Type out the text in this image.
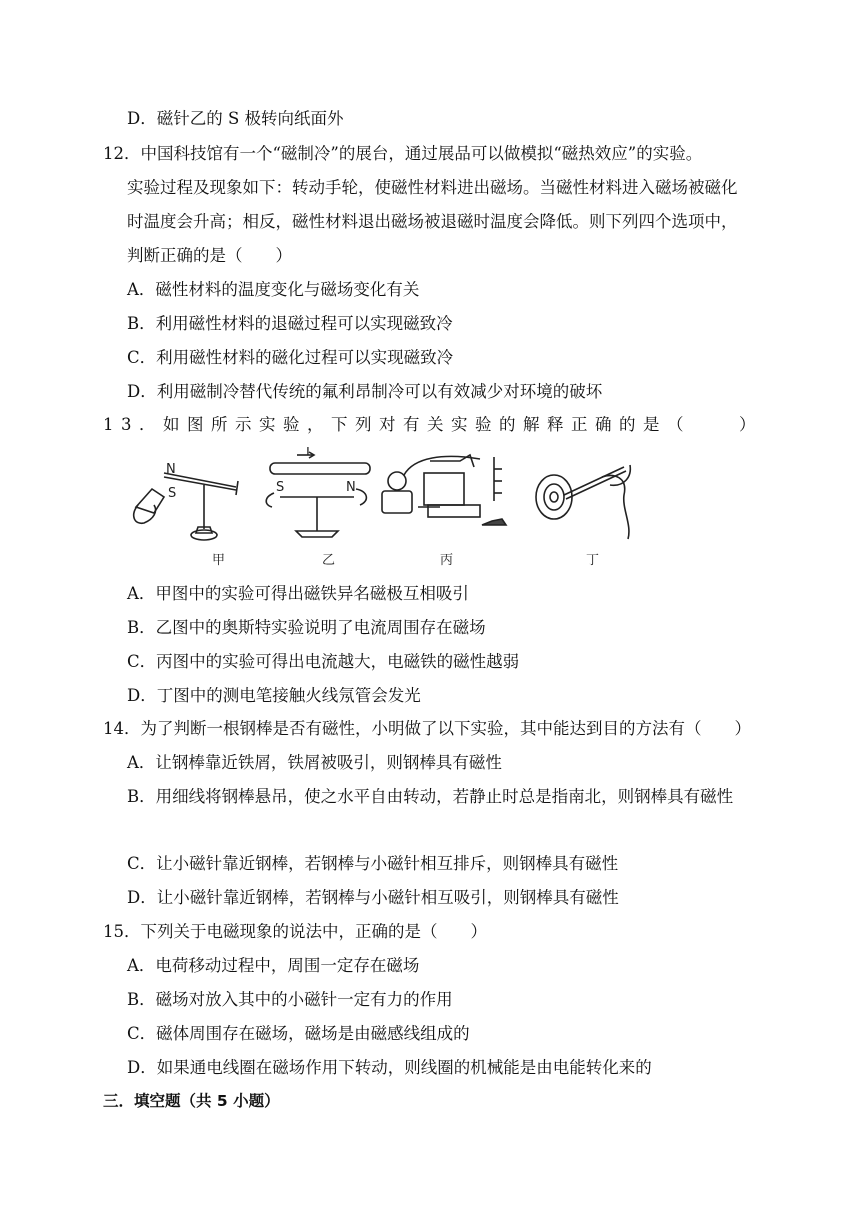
D．磁针乙的 S 极转向纸面外
12．中国科技馆有一个“磁制冷”的展台，通过展品可以做模拟“磁热效应”的实验。
实验过程及现象如下：转动手轮，使磁性材料进出磁场。当磁性材料进入磁场被磁化
时温度会升高；相反，磁性材料退出磁场被退磁时温度会降低。则下列四个选项中，
判断正确的是（　　）
A．磁性材料的温度变化与磁场变化有关
B．利用磁性材料的退磁过程可以实现磁致冷
C．利用磁性材料的磁化过程可以实现磁致冷
D．利用磁制冷替代传统的氟利昂制冷可以有效减少对环境的破坏
13．如图所示实验，下列对有关实验的解释正确的是（　　）
N
S
I
S	N
甲	乙	丙	丁
A．甲图中的实验可得出磁铁异名磁极互相吸引
B．乙图中的奥斯特实验说明了电流周围存在磁场
C．丙图中的实验可得出电流越大，电磁铁的磁性越弱
D．丁图中的测电笔接触火线氖管会发光
14．为了判断一根钢棒是否有磁性，小明做了以下实验，其中能达到目的方法有（　　）
A．让钢棒靠近铁屑，铁屑被吸引，则钢棒具有磁性
B．用细线将钢棒悬吊，使之水平自由转动，若静止时总是指南北，则钢棒具有磁性
C．让小磁针靠近钢棒，若钢棒与小磁针相互排斥，则钢棒具有磁性
D．让小磁针靠近钢棒，若钢棒与小磁针相互吸引，则钢棒具有磁性
15．下列关于电磁现象的说法中，正确的是（　　）
A．电荷移动过程中，周围一定存在磁场
B．磁场对放入其中的小磁针一定有力的作用
C．磁体周围存在磁场，磁场是由磁感线组成的
D．如果通电线圈在磁场作用下转动，则线圈的机械能是由电能转化来的
三．填空题（共 5 小题）
